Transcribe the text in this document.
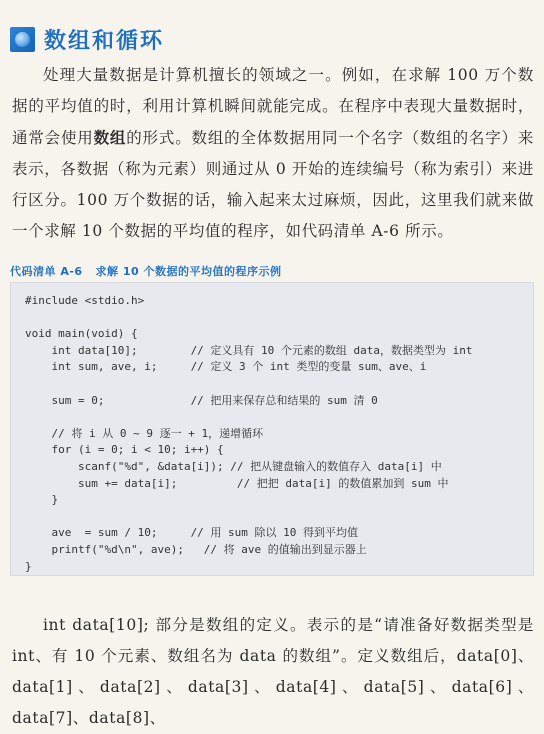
数组和循环

处理大量数据是计算机擅长的领域之一。例如，在求解 100 万个数据的平均值的时，利用计算机瞬间就能完成。在程序中表现大量数据时，通常会使用数组的形式。数组的全体数据用同一个名字（数组的名字）来表示，各数据（称为元素）则通过从 0 开始的连续编号（称为索引）来进行区分。100 万个数据的话，输入起来太过麻烦，因此，这里我们就来做一个求解 10 个数据的平均值的程序，如代码清单 A-6 所示。

代码清单 A-6   求解 10 个数据的平均值的程序示例
#include <stdio.h>
void main(void) {
int data[10];        // 定义具有 10 个元素的数组 data，数据类型为 int
int sum, ave, i;     // 定义 3 个 int 类型的变量 sum、ave、i
sum = 0;             // 把用来保存总和结果的 sum 清 0
// 将 i 从 0 ~ 9 逐一 + 1，递增循环
for (i = 0; i < 10; i++) {
scanf("%d", &data[i]); // 把从键盘输入的数值存入 data[i] 中
sum += data[i];         // 把把 data[i] 的数值累加到 sum 中
}
ave  = sum / 10;     // 用 sum 除以 10 得到平均值
printf("%d\n", ave);   // 将 ave 的值输出到显示器上
}

int data[10]; 部分是数组的定义。表示的是“请准备好数据类型是 int、有 10 个元素、数组名为 data 的数组”。定义数组后，data[0]、data[1]、data[2]、data[3]、data[4]、data[5]、data[6]、data[7]、data[8]、
